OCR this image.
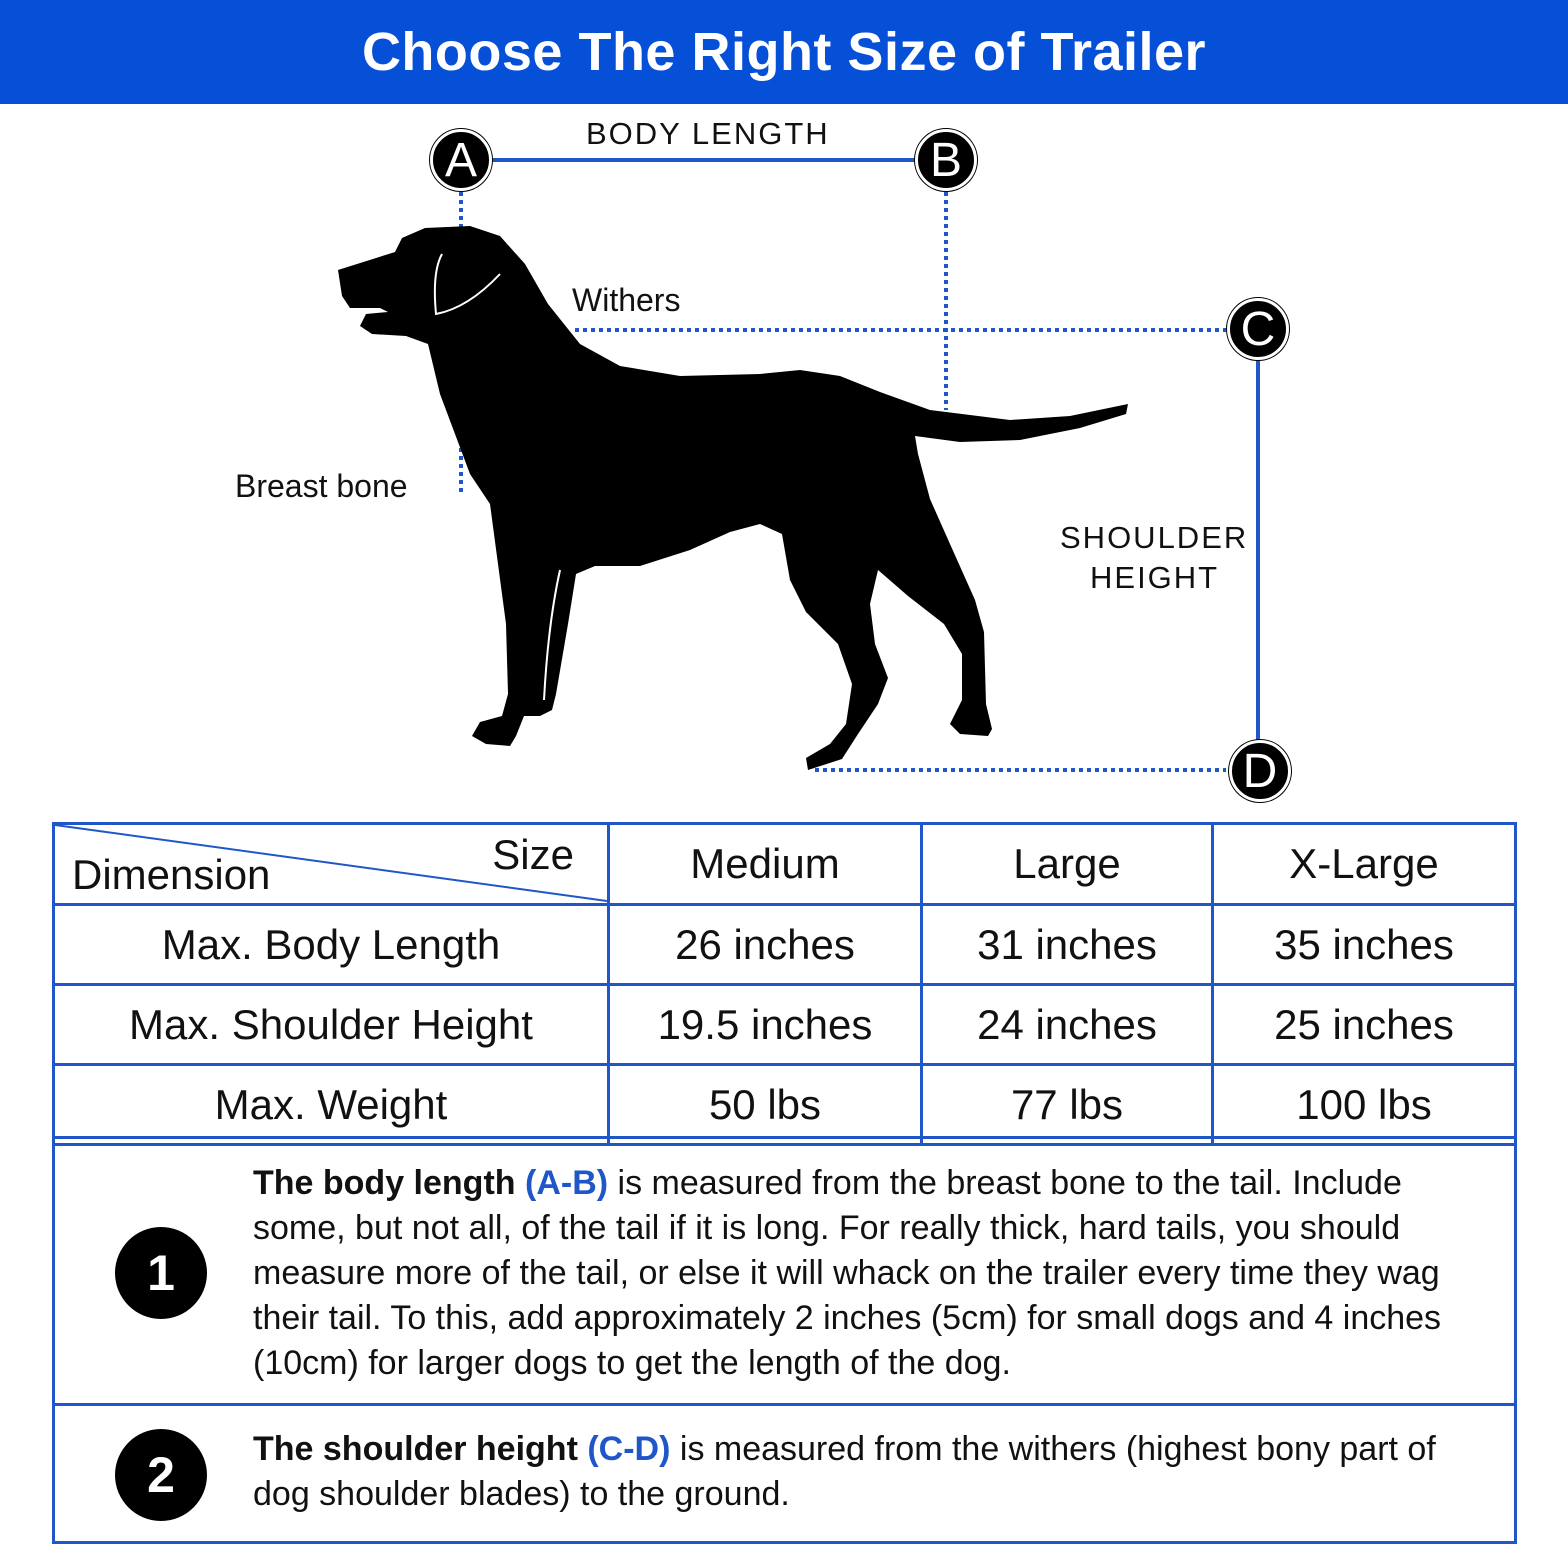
Choose The Right Size of Trailer
A	B
C
D
BODY LENGTH
Withers
Breast bone
SHOULDER
HEIGHT
Size
Dimension	Medium	Large	X-Large
Max. Body Length	26 inches	31 inches	35 inches
Max. Shoulder Height	19.5 inches	24 inches	25 inches
Max. Weight	50 lbs	77 lbs	100 lbs
1
The body length (A-B) is measured from the breast bone to the tail. Include some, but not all, of the tail if it is long. For really thick, hard tails, you should measure more of the tail, or else it will whack on the trailer every time they wag their tail. To this, add approximately 2 inches (5cm) for small dogs and 4 inches (10cm) for larger dogs to get the length of the dog.
2	The shoulder height (C-D) is measured from the withers (highest bony part of dog shoulder blades) to the ground.
